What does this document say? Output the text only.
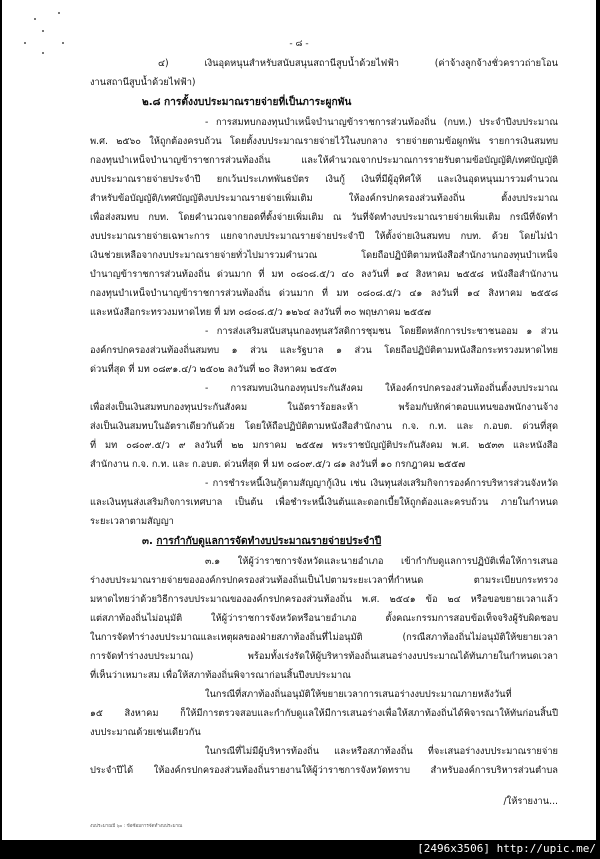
- ๘ -
๔) เงินอุดหนุนสำหรับสนับสนุนสถานีสูบน้ำด้วยไฟฟ้า (ค่าจ้างลูกจ้างชั่วคราวถ่ายโอน
งานสถานีสูบน้ำด้วยไฟฟ้า)
๒.๘ การตั้งงบประมาณรายจ่ายที่เป็นภาระผูกพัน
- การสมทบกองทุนบำเหน็จบำนาญข้าราชการส่วนท้องถิ่น (กบท.) ประจำปีงบประมาณ
พ.ศ. ๒๕๖๐ ให้ถูกต้องครบถ้วน โดยตั้งงบประมาณรายจ่ายไว้ในงบกลาง รายจ่ายตามข้อผูกพัน รายการเงินสมทบ
กองทุนบำเหน็จบำนาญข้าราชการส่วนท้องถิ่น และให้คำนวณจากประมาณการรายรับตามข้อบัญญัติ/เทศบัญญัติ
งบประมาณรายจ่ายประจำปี ยกเว้นประเภทพันธบัตร เงินกู้ เงินที่มีผู้อุทิศให้ และเงินอุดหนุนมารวมคำนวณ
สำหรับข้อบัญญัติ/เทศบัญญัติงบประมาณรายจ่ายเพิ่มเติม ให้องค์กรปกครองส่วนท้องถิ่น ตั้งงบประมาณ
เพื่อส่งสมทบ กบท. โดยคำนวณจากยอดที่ตั้งจ่ายเพิ่มเติม ณ วันที่จัดทำงบประมาณรายจ่ายเพิ่มเติม กรณีที่จัดทำ
งบประมาณรายจ่ายเฉพาะการ แยกจากงบประมาณรายจ่ายประจำปี ให้ตั้งจ่ายเงินสมทบ กบท. ด้วย โดยไม่นำ
เงินช่วยเหลือจากงบประมาณรายจ่ายทั่วไปมารวมคำนวณ โดยถือปฏิบัติตามหนังสือสำนักงานกองทุนบำเหน็จ
บำนาญข้าราชการส่วนท้องถิ่น ด่วนมาก ที่ มท ๐๘๐๘.๕/ว ๔๐ ลงวันที่ ๑๔ สิงหาคม ๒๕๕๘ หนังสือสำนักงาน
กองทุนบำเหน็จบำนาญข้าราชการส่วนท้องถิ่น ด่วนมาก ที่ มท ๐๘๐๘.๕/ว ๔๑ ลงวันที่ ๑๔ สิงหาคม ๒๕๕๘
และหนังสือกระทรวงมหาดไทย ที่ มท ๐๘๐๘.๕/ว ๑๒๖๔ ลงวันที่ ๓๐ พฤษภาคม ๒๕๕๗
- การส่งเสริมสนับสนุนกองทุนสวัสดิการชุมชน โดยยึดหลักการประชาชนออม ๑ ส่วน
องค์กรปกครองส่วนท้องถิ่นสมทบ ๑ ส่วน และรัฐบาล ๑ ส่วน โดยถือปฏิบัติตามหนังสือกระทรวงมหาดไทย
ด่วนที่สุด ที่ มท ๐๘๙๑.๔/ว ๒๕๐๒ ลงวันที่ ๒๐ สิงหาคม ๒๕๕๓
- การสมทบเงินกองทุนประกันสังคม ให้องค์กรปกครองส่วนท้องถิ่นตั้งงบประมาณ
เพื่อส่งเป็นเงินสมทบกองทุนประกันสังคม ในอัตราร้อยละห้า พร้อมกับหักค่าตอบแทนของพนักงานจ้าง
ส่งเป็นเงินสมทบในอัตราเดียวกันด้วย โดยให้ถือปฏิบัติตามหนังสือสำนักงาน ก.จ. ก.ท. และ ก.อบต. ด่วนที่สุด
ที่ มท ๐๘๐๙.๕/ว ๙ ลงวันที่ ๒๒ มกราคม ๒๕๕๗ พระราชบัญญัติประกันสังคม พ.ศ. ๒๕๓๓ และหนังสือ
สำนักงาน ก.จ. ก.ท. และ ก.อบต. ด่วนที่สุด ที่ มท ๐๘๐๙.๕/ว ๘๑ ลงวันที่ ๑๐ กรกฎาคม ๒๕๕๗
- การชำระหนี้เงินกู้ตามสัญญากู้เงิน เช่น เงินทุนส่งเสริมกิจการองค์การบริหารส่วนจังหวัด
และเงินทุนส่งเสริมกิจการเทศบาล เป็นต้น เพื่อชำระหนี้เงินต้นและดอกเบี้ยให้ถูกต้องและครบถ้วน ภายในกำหนด
ระยะเวลาตามสัญญา
๓. การกำกับดูแลการจัดทำงบประมาณรายจ่ายประจำปี
๓.๑ ให้ผู้ว่าราชการจังหวัดและนายอำเภอ เข้ากำกับดูแลการปฏิบัติเพื่อให้การเสนอ
ร่างงบประมาณรายจ่ายขององค์กรปกครองส่วนท้องถิ่นเป็นไปตามระยะเวลาที่กำหนด ตามระเบียบกระทรวง
มหาดไทยว่าด้วยวิธีการงบประมาณขององค์กรปกครองส่วนท้องถิ่น พ.ศ. ๒๕๔๑ ข้อ ๒๔ หรือขอขยายเวลาแล้ว
แต่สภาท้องถิ่นไม่อนุมัติ ให้ผู้ว่าราชการจังหวัดหรือนายอำเภอ ตั้งคณะกรรมการสอบข้อเท็จจริงผู้รับผิดชอบ
ในการจัดทำร่างงบประมาณและเหตุผลของฝ่ายสภาท้องถิ่นที่ไม่อนุมัติ (กรณีสภาท้องถิ่นไม่อนุมัติให้ขยายเวลา
การจัดทำร่างงบประมาณ) พร้อมทั้งเร่งรัดให้ผู้บริหารท้องถิ่นเสนอร่างงบประมาณได้ทันภายในกำหนดเวลา
ที่เห็นว่าเหมาะสม เพื่อให้สภาท้องถิ่นพิจารณาก่อนสิ้นปีงบประมาณ
ในกรณีที่สภาท้องถิ่นอนุมัติให้ขยายเวลาการเสนอร่างงบประมาณภายหลังวันที่
๑๕ สิงหาคม ก็ให้มีการตรวจสอบและกำกับดูแลให้มีการเสนอร่างเพื่อให้สภาท้องถิ่นได้พิจารณาให้ทันก่อนสิ้นปี
งบประมาณด้วยเช่นเดียวกัน
ในกรณีที่ไม่มีผู้บริหารท้องถิ่น และหรือสภาท้องถิ่น ที่จะเสนอร่างงบประมาณรายจ่าย
ประจำปีได้ ให้องค์กรปกครองส่วนท้องถิ่นรายงานให้ผู้ว่าราชการจังหวัดทราบ สำหรับองค์การบริหารส่วนตำบล
/ให้รายงาน...
งบประมาณปี ๖๐ : ข้อซ้อมการจัดทำงบประมาณ
[2496x3506] http://upic.me/
